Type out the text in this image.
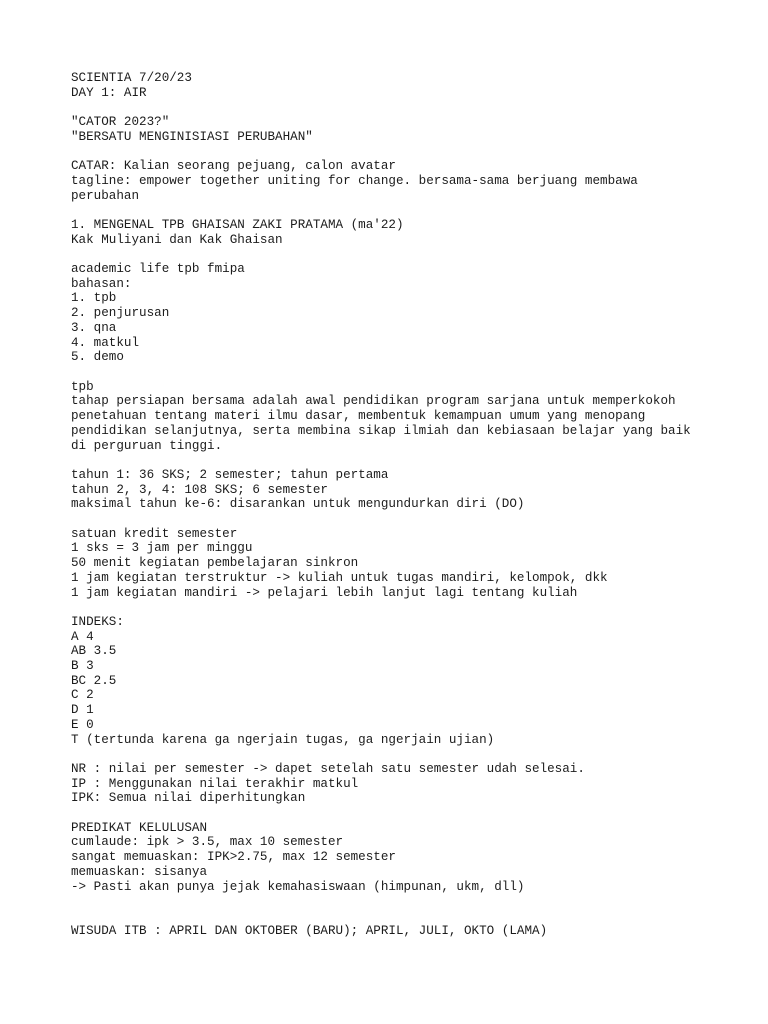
SCIENTIA 7/20/23
DAY 1: AIR
"CATOR 2023?"
"BERSATU MENGINISIASI PERUBAHAN"
CATAR: Kalian seorang pejuang, calon avatar
tagline: empower together uniting for change. bersama-sama berjuang membawa
perubahan
1. MENGENAL TPB GHAISAN ZAKI PRATAMA (ma'22)
Kak Muliyani dan Kak Ghaisan
academic life tpb fmipa
bahasan:
1. tpb
2. penjurusan
3. qna
4. matkul
5. demo
tpb
tahap persiapan bersama adalah awal pendidikan program sarjana untuk memperkokoh
penetahuan tentang materi ilmu dasar, membentuk kemampuan umum yang menopang
pendidikan selanjutnya, serta membina sikap ilmiah dan kebiasaan belajar yang baik
di perguruan tinggi.
tahun 1: 36 SKS; 2 semester; tahun pertama
tahun 2, 3, 4: 108 SKS; 6 semester
maksimal tahun ke-6: disarankan untuk mengundurkan diri (DO)
satuan kredit semester
1 sks = 3 jam per minggu
50 menit kegiatan pembelajaran sinkron
1 jam kegiatan terstruktur -> kuliah untuk tugas mandiri, kelompok, dkk
1 jam kegiatan mandiri -> pelajari lebih lanjut lagi tentang kuliah
INDEKS:
A 4
AB 3.5
B 3
BC 2.5
C 2
D 1
E 0
T (tertunda karena ga ngerjain tugas, ga ngerjain ujian)
NR : nilai per semester -> dapet setelah satu semester udah selesai.
IP : Menggunakan nilai terakhir matkul
IPK: Semua nilai diperhitungkan
PREDIKAT KELULUSAN
cumlaude: ipk > 3.5, max 10 semester
sangat memuaskan: IPK>2.75, max 12 semester
memuaskan: sisanya
-> Pasti akan punya jejak kemahasiswaan (himpunan, ukm, dll)
WISUDA ITB : APRIL DAN OKTOBER (BARU); APRIL, JULI, OKTO (LAMA)
